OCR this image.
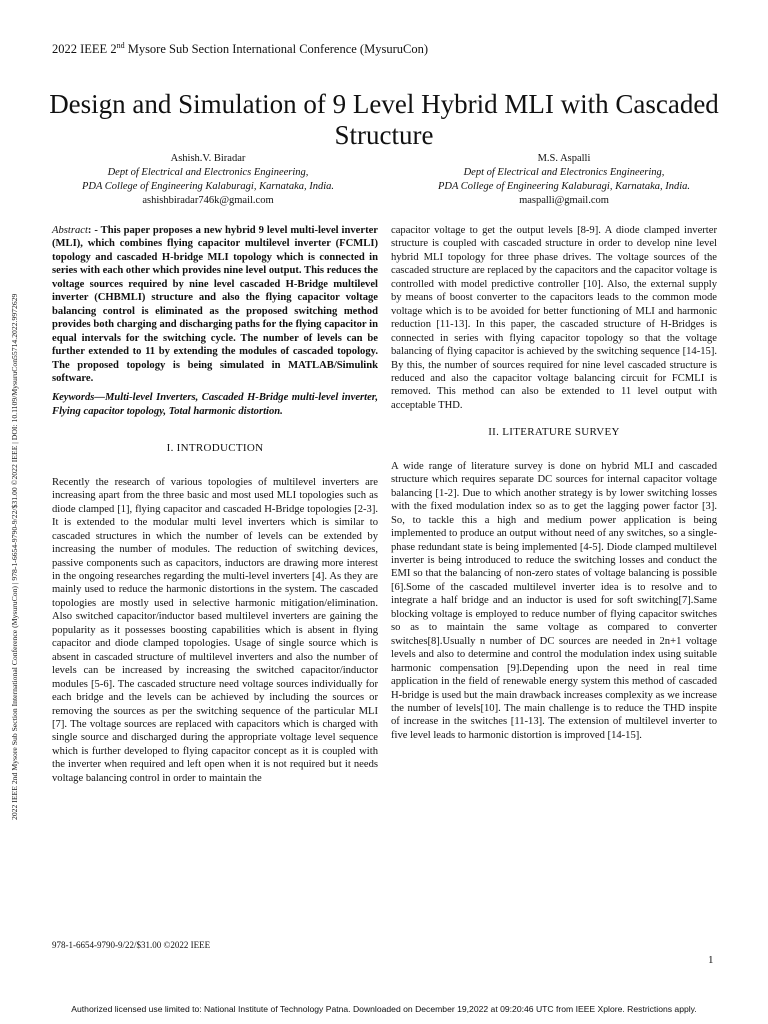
2022 IEEE 2nd Mysore Sub Section International Conference (MysuruCon)
Design and Simulation of 9 Level Hybrid MLI with Cascaded Structure
Ashish.V. Biradar
Dept of Electrical and Electronics Engineering,
PDA College of Engineering Kalaburagi, Karnataka, India.
ashishbiradar746k@gmail.com
M.S. Aspalli
Dept of Electrical and Electronics Engineering,
PDA College of Engineering Kalaburagi, Karnataka, India.
maspalli@gmail.com
2022 IEEE 2nd Mysore Sub Section International Conference (MysuruCon) | 978-1-6654-9790-9/22/$31.00 ©2022 IEEE | DOI: 10.1109/MysuruCon55714.2022.9972629

Abstract: - This paper proposes a new hybrid 9 level multi-level inverter (MLI), which combines flying capacitor multilevel inverter (FCMLI) topology and cascaded H-bridge MLI topology which is connected in series with each other which provides nine level output. This reduces the voltage sources required by nine level cascaded H-Bridge multilevel inverter (CHBMLI) structure and also the flying capacitor voltage balancing control is eliminated as the proposed switching method provides both charging and discharging paths for the flying capacitor in equal intervals for the switching cycle. The number of levels can be further extended to 11 by extending the modules of cascaded topology. The proposed topology is being simulated in MATLAB/Simulink software.

Keywords—Multi-level Inverters, Cascaded H-Bridge multi-level inverter, Flying capacitor topology, Total harmonic distortion.

I. INTRODUCTION

Recently the research of various topologies of multilevel inverters are increasing apart from the three basic and most used MLI topologies such as diode clamped [1], flying capacitor and cascaded H-Bridge topologies [2-3]. It is extended to the modular multi level inverters which is similar to cascaded structures in which the number of levels can be extended by increasing the number of modules. The reduction of switching devices, passive components such as capacitors, inductors are drawing more interest in the ongoing researches regarding the multi-level inverters [4]. As they are mainly used to reduce the harmonic distortions in the system. The cascaded topologies are mostly used in selective harmonic mitigation/elimination. Also switched capacitor/inductor based multilevel inverters are gaining the popularity as it possesses boosting capabilities which is absent in flying capacitor and diode clamped topologies. Usage of single source which is absent in cascaded structure of multilevel inverters and also the number of levels can be increased by increasing the switched capacitor/inductor modules [5-6]. The cascaded structure need voltage sources individually for each bridge and the levels can be achieved by including the sources or removing the sources as per the switching sequence of the particular MLI [7]. The voltage sources are replaced with capacitors which is charged with single source and discharged during the appropriate voltage level sequence which is further developed to flying capacitor concept as it is coupled with the inverter when required and left open when it is not required but it needs voltage balancing control in order to maintain the

capacitor voltage to get the output levels [8-9]. A diode clamped inverter structure is coupled with cascaded structure in order to develop nine level hybrid MLI topology for three phase drives. The voltage sources of the cascaded structure are replaced by the capacitors and the capacitor voltage is controlled with model predictive controller [10]. Also, the external supply by means of boost converter to the capacitors leads to the common mode voltage which is to be avoided for better functioning of MLI and harmonic reduction [11-13]. In this paper, the cascaded structure of H-Bridges is connected in series with flying capacitor topology so that the voltage balancing of flying capacitor is achieved by the switching sequence [14-15]. By this, the number of sources required for nine level cascaded structure is reduced and also the capacitor voltage balancing circuit for FCMLI is removed. This method can also be extended to 11 level output with acceptable THD.

II. LITERATURE SURVEY

A wide range of literature survey is done on hybrid MLI and cascaded structure which requires separate DC sources for internal capacitor voltage balancing [1-2]. Due to which another strategy is by lower switching losses with the fixed modulation index so as to get the lagging power factor [3]. So, to tackle this a high and medium power application is being implemented to produce an output without need of any switches, so a single-phase redundant state is being implemented [4-5]. Diode clamped multilevel inverter is being introduced to reduce the switching losses and conduct the EMI so that the balancing of non-zero states of voltage balancing is possible [6].Some of the cascaded multilevel inverter idea is to resolve and to integrate a half bridge and an inductor is used for soft switching[7].Same blocking voltage is employed to reduce number of flying capacitor switches so as to maintain the same voltage as compared to converter switches[8].Usually n number of DC sources are needed in 2n+1 voltage levels and also to determine and control the modulation index using suitable harmonic compensation [9].Depending upon the need in real time application in the field of renewable energy system this method of cascaded H-bridge is used but the main drawback increases complexity as we increase the number of levels[10]. The main challenge is to reduce the THD inspite of increase in the switches [11-13]. The extension of multilevel inverter to five level leads to harmonic distortion is improved [14-15].

978-1-6654-9790-9/22/$31.00 ©2022 IEEE
1
Authorized licensed use limited to: National Institute of Technology Patna. Downloaded on December 19,2022 at 09:20:46 UTC from IEEE Xplore. Restrictions apply.
